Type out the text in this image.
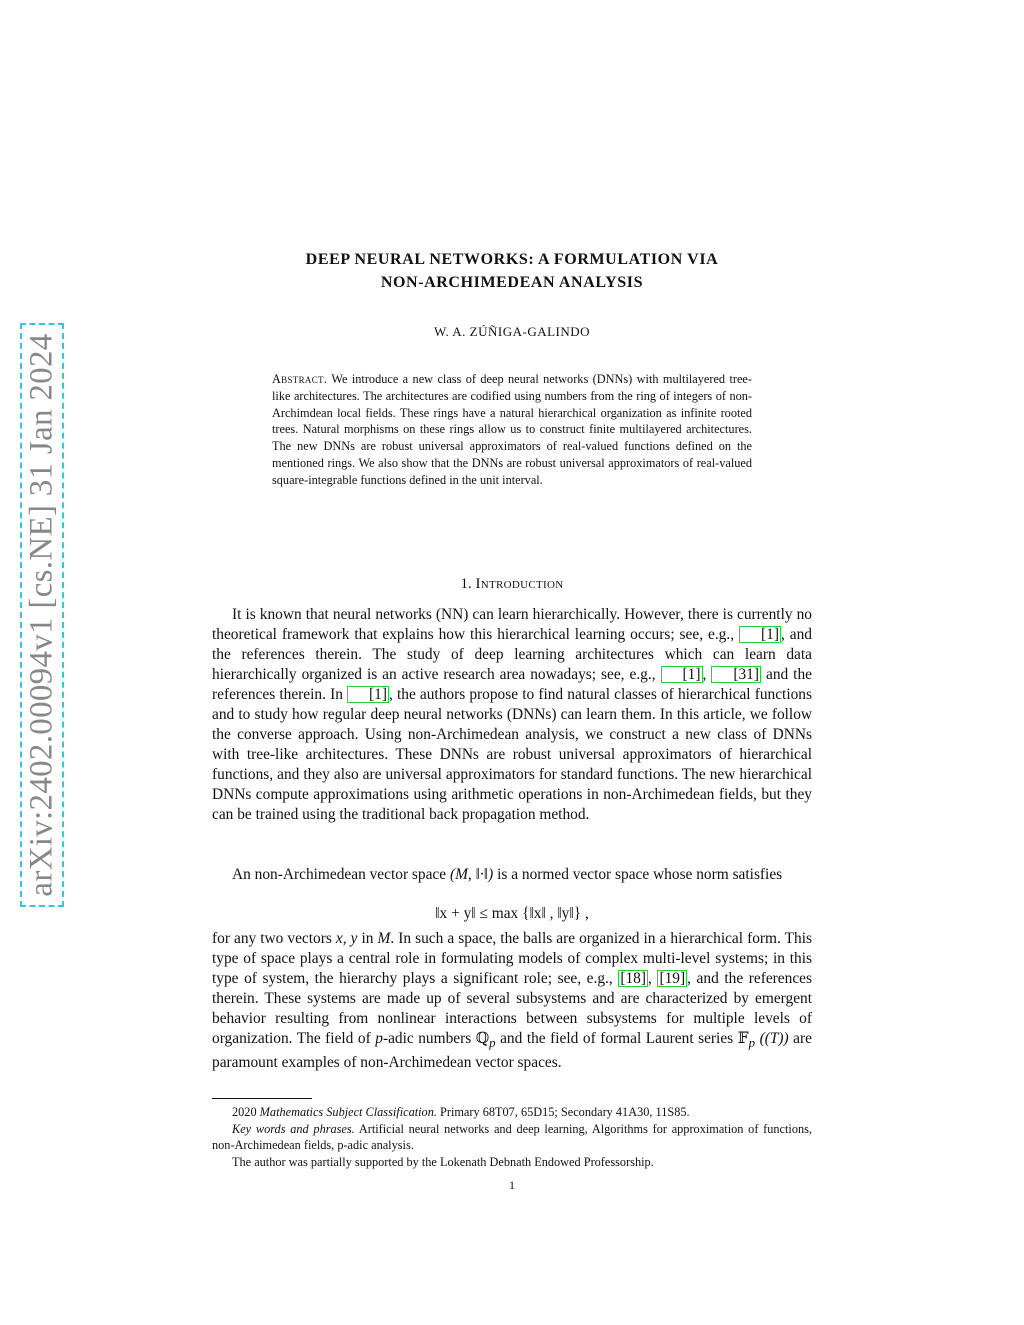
arXiv:2402.00094v1 [cs.NE] 31 Jan 2024
DEEP NEURAL NETWORKS: A FORMULATION VIA
NON-ARCHIMEDEAN ANALYSIS
W. A. ZÚÑIGA-GALINDO
Abstract. We introduce a new class of deep neural networks (DNNs) with multilayered tree-like architectures. The architectures are codified using numbers from the ring of integers of non-Archimdean local fields. These rings have a natural hierarchical organization as infinite rooted trees. Natural morphisms on these rings allow us to construct finite multilayered architectures. The new DNNs are robust universal approximators of real-valued functions defined on the mentioned rings. We also show that the DNNs are robust universal approximators of real-valued square-integrable functions defined in the unit interval.
1. Introduction

It is known that neural networks (NN) can learn hierarchically. However, there is currently no theoretical framework that explains how this hierarchical learning occurs; see, e.g., [1] , and the references therein. The study of deep learning architectures which can learn data hierarchically organized is an active research area nowadays; see, e.g., [1] , [31] and the references therein. In [1] , the authors propose to find natural classes of hierarchical functions and to study how regular deep neural networks (DNNs) can learn them. In this article, we follow the converse approach. Using non-Archimedean analysis, we construct a new class of DNNs with tree-like architectures. These DNNs are robust universal approximators of hierarchical functions, and they also are universal approximators for standard functions. The new hierarchical DNNs compute approximations using arithmetic operations in non-Archimedean fields, but they can be trained using the traditional back propagation method.

An non-Archimedean vector space (M, ‖·‖) is a normed vector space whose norm satisfies

‖x + y‖ ≤ max {‖x‖ , ‖y‖} ,

for any two vectors x, y in M. In such a space, the balls are organized in a hierarchical form. This type of space plays a central role in formulating models of complex multi-level systems; in this type of system, the hierarchy plays a significant role; see, e.g., [18] , [19] , and the references therein. These systems are made up of several subsystems and are characterized by emergent behavior resulting from nonlinear interactions between subsystems for multiple levels of organization. The field of p-adic numbers ℚ$_p$ and the field of formal Laurent series 𝔽$_p$ ((T)) are paramount examples of non-Archimedean vector spaces.

2020 Mathematics Subject Classification. Primary 68T07, 65D15; Secondary 41A30, 11S85.

Key words and phrases. Artificial neural networks and deep learning, Algorithms for approximation of functions, non-Archimedean fields, p-adic analysis.

The author was partially supported by the Lokenath Debnath Endowed Professorship.

1
